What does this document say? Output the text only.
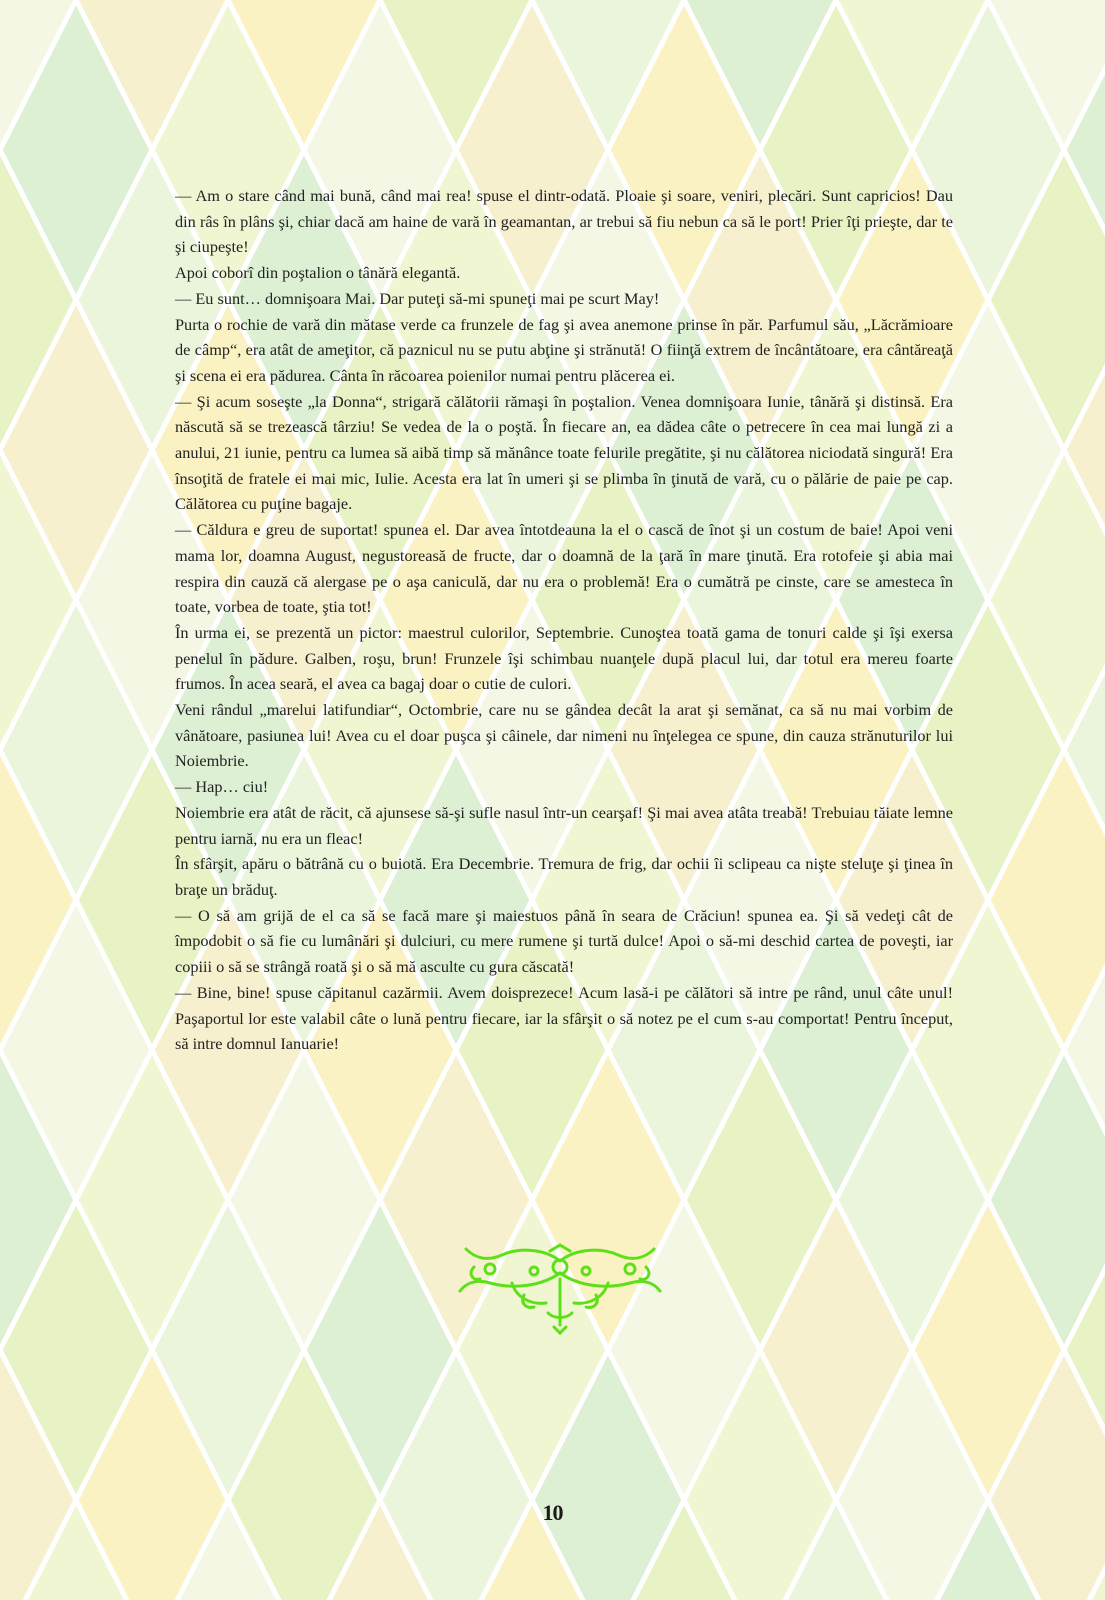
— Am o stare când mai bună, când mai rea! spuse el dintr-odată. Ploaie şi soare, veniri, plecări. Sunt capricios! Dau din râs în plâns şi, chiar dacă am haine de vară în geamantan, ar trebui să fiu nebun ca să le port! Prier îţi prieşte, dar te şi ciupeşte!

Apoi coborî din poştalion o tânără elegantă.

— Eu sunt… domnişoara Mai. Dar puteţi să-mi spuneţi mai pe scurt May!

Purta o rochie de vară din mătase verde ca frunzele de fag şi avea anemone prinse în păr. Parfumul său, „Lăcrămioare de câmp“, era atât de ameţitor, că paznicul nu se putu abţine şi strănută! O fiinţă extrem de încântătoare, era cântăreaţă şi scena ei era pădurea. Cânta în răcoarea poienilor numai pentru plăcerea ei.

— Şi acum soseşte „la Donna“, strigară călătorii rămaşi în poştalion. Venea domnişoara Iunie, tânără şi distinsă. Era născută să se trezească târziu! Se vedea de la o poştă. În fiecare an, ea dădea câte o petrecere în cea mai lungă zi a anului, 21 iunie, pentru ca lumea să aibă timp să mănânce toate felurile pregătite, şi nu călătorea niciodată singură! Era însoţită de fratele ei mai mic, Iulie. Acesta era lat în umeri şi se plimba în ţinută de vară, cu o pălărie de paie pe cap. Călătorea cu puţine bagaje.

— Căldura e greu de suportat! spunea el. Dar avea întotdeauna la el o cască de înot şi un costum de baie! Apoi veni mama lor, doamna August, negustoreasă de fructe, dar o doamnă de la ţară în mare ţinută. Era rotofeie şi abia mai respira din cauză că alergase pe o aşa caniculă, dar nu era o problemă! Era o cumătră pe cinste, care se amesteca în toate, vorbea de toate, ştia tot!

În urma ei, se prezentă un pictor: maestrul culorilor, Septembrie. Cunoştea toată gama de tonuri calde şi îşi exersa penelul în pădure. Galben, roşu, brun! Frunzele îşi schimbau nuanţele după placul lui, dar totul era mereu foarte frumos. În acea seară, el avea ca bagaj doar o cutie de culori.

Veni rândul „marelui latifundiar“, Octombrie, care nu se gândea decât la arat şi semănat, ca să nu mai vorbim de vânătoare, pasiunea lui! Avea cu el doar puşca şi câinele, dar nimeni nu înţelegea ce spune, din cauza strănuturilor lui Noiembrie.

— Hap… ciu!

Noiembrie era atât de răcit, că ajunsese să-şi sufle nasul într-un cearşaf! Şi mai avea atâta treabă! Trebuiau tăiate lemne pentru iarnă, nu era un fleac!

În sfârşit, apăru o bătrână cu o buiotă. Era Decembrie. Tremura de frig, dar ochii îi sclipeau ca nişte steluţe şi ţinea în braţe un brăduţ.

— O să am grijă de el ca să se facă mare şi maiestuos până în seara de Crăciun! spunea ea. Şi să vedeţi cât de împodobit o să fie cu lumânări şi dulciuri, cu mere rumene şi turtă dulce! Apoi o să-mi deschid cartea de poveşti, iar copiii o să se strângă roată şi o să mă asculte cu gura căscată!

— Bine, bine! spuse căpitanul cazărmii. Avem doisprezece! Acum lasă-i pe călători să intre pe rând, unul câte unul! Paşaportul lor este valabil câte o lună pentru fiecare, iar la sfârşit o să notez pe el cum s-au comportat! Pentru început, să intre domnul Ianuarie!

10
